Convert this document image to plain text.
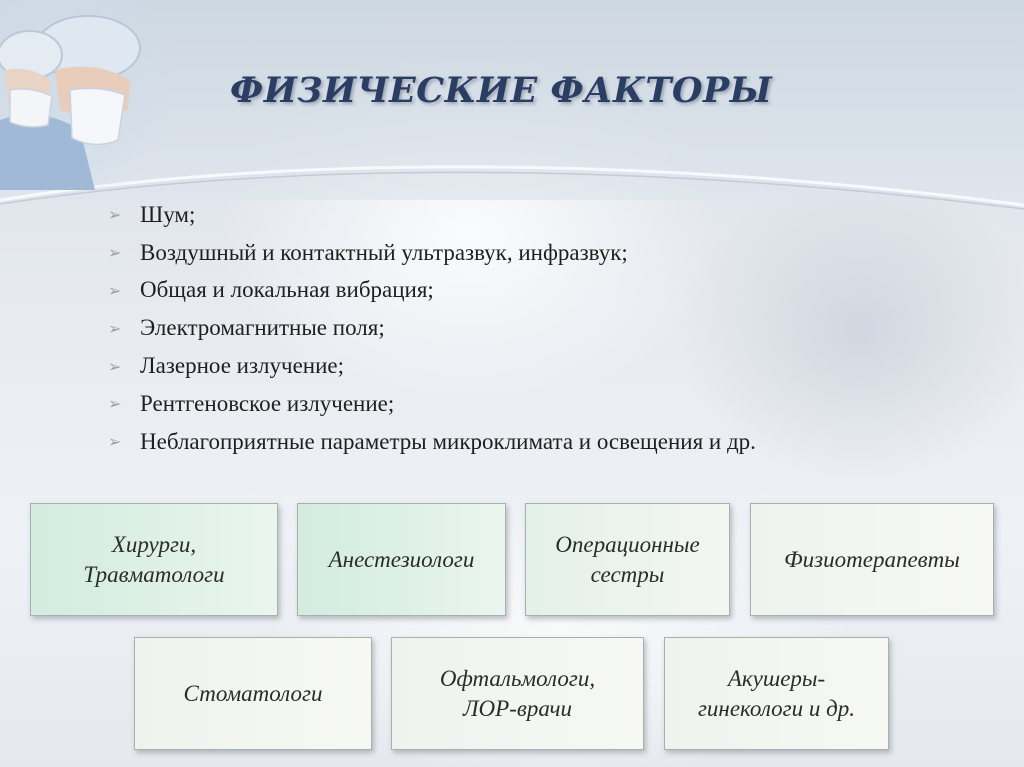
ФИЗИЧЕСКИЕ ФАКТОРЫ
➢ Шум;
➢ Воздушный и контактный ультразвук, инфразвук;
➢ Общая и локальная вибрация;
➢ Электромагнитные поля;
➢ Лазерное излучение;
➢ Рентгеновское излучение;
➢ Неблагоприятные параметры микроклимата и освещения и др.
Хирурги,
Травматологи
Анестезиологи
Операционные
сестры
Физиотерапевты
Стоматологи
Офтальмологи,
ЛОР-врачи
Акушеры-
гинекологи и др.
